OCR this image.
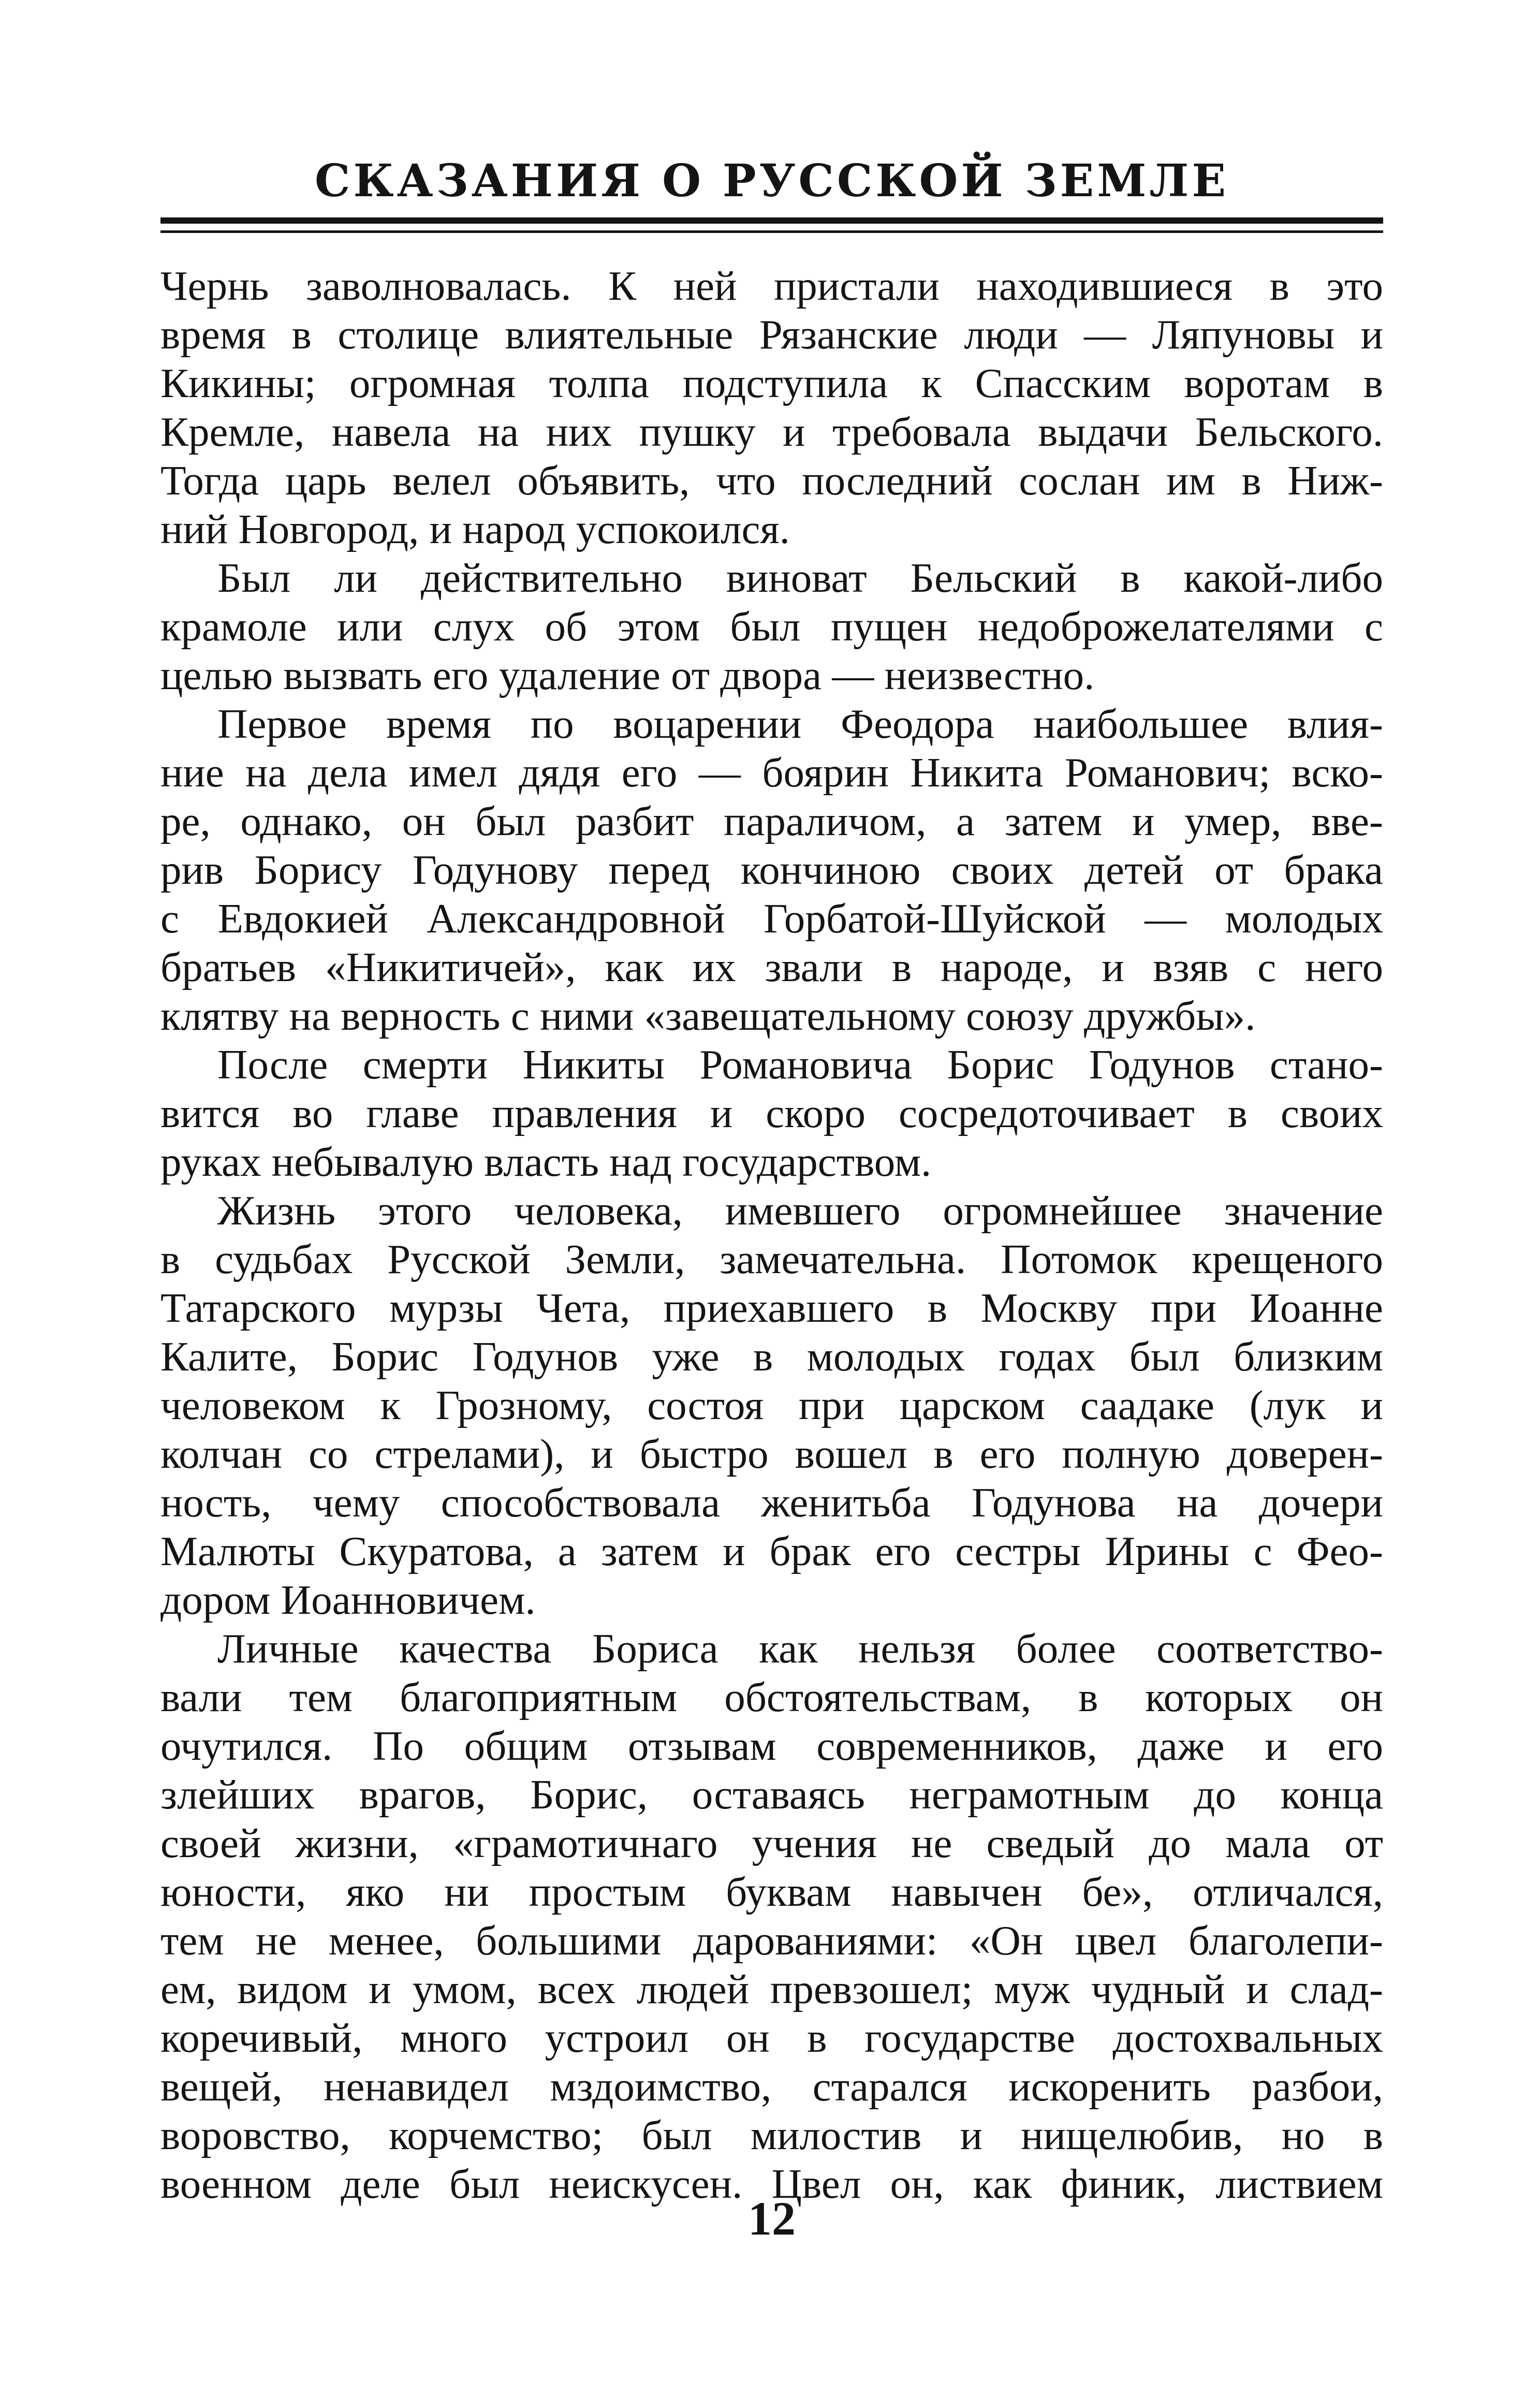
СКАЗАНИЯ О РУССКОЙ ЗЕМЛЕ
Чернь заволновалась. К ней пристали находившиеся в это
время в столице влиятельные Рязанские люди — Ляпуновы и
Кикины; огромная толпа подступила к Спасским воротам в
Кремле, навела на них пушку и требовала выдачи Бельского.
Тогда царь велел объявить, что последний сослан им в Ниж-
ний Новгород, и народ успокоился.
Был ли действительно виноват Бельский в какой-либо
крамоле или слух об этом был пущен недоброжелателями с
целью вызвать его удаление от двора — неизвестно.
Первое время по воцарении Феодора наибольшее влия-
ние на дела имел дядя его — боярин Никита Романович; вско-
ре, однако, он был разбит параличом, а затем и умер, вве-
рив Борису Годунову перед кончиною своих детей от брака
с Евдокией Александровной Горбатой-Шуйской — молодых
братьев «Никитичей», как их звали в народе, и взяв с него
клятву на верность с ними «завещательному союзу дружбы».
После смерти Никиты Романовича Борис Годунов стано-
вится во главе правления и скоро сосредоточивает в своих
руках небывалую власть над государством.
Жизнь этого человека, имевшего огромнейшее значение
в судьбах Русской Земли, замечательна. Потомок крещеного
Татарского мурзы Чета, приехавшего в Москву при Иоанне
Калите, Борис Годунов уже в молодых годах был близким
человеком к Грозному, состоя при царском саадаке (лук и
колчан со стрелами), и быстро вошел в его полную доверен-
ность, чему способствовала женитьба Годунова на дочери
Малюты Скуратова, а затем и брак его сестры Ирины с Фео-
дором Иоанновичем.
Личные качества Бориса как нельзя более соответство-
вали тем благоприятным обстоятельствам, в которых он
очутился. По общим отзывам современников, даже и его
злейших врагов, Борис, оставаясь неграмотным до конца
своей жизни, «грамотичнаго учения не сведый до мала от
юности, яко ни простым буквам навычен бе», отличался,
тем не менее, большими дарованиями: «Он цвел благолепи-
ем, видом и умом, всех людей превзошел; муж чудный и слад-
коречивый, много устроил он в государстве достохвальных
вещей, ненавидел мздоимство, старался искоренить разбои,
воровство, корчемство; был милостив и нищелюбив, но в
военном деле был неискусен. Цвел он, как финик, листвием
12
